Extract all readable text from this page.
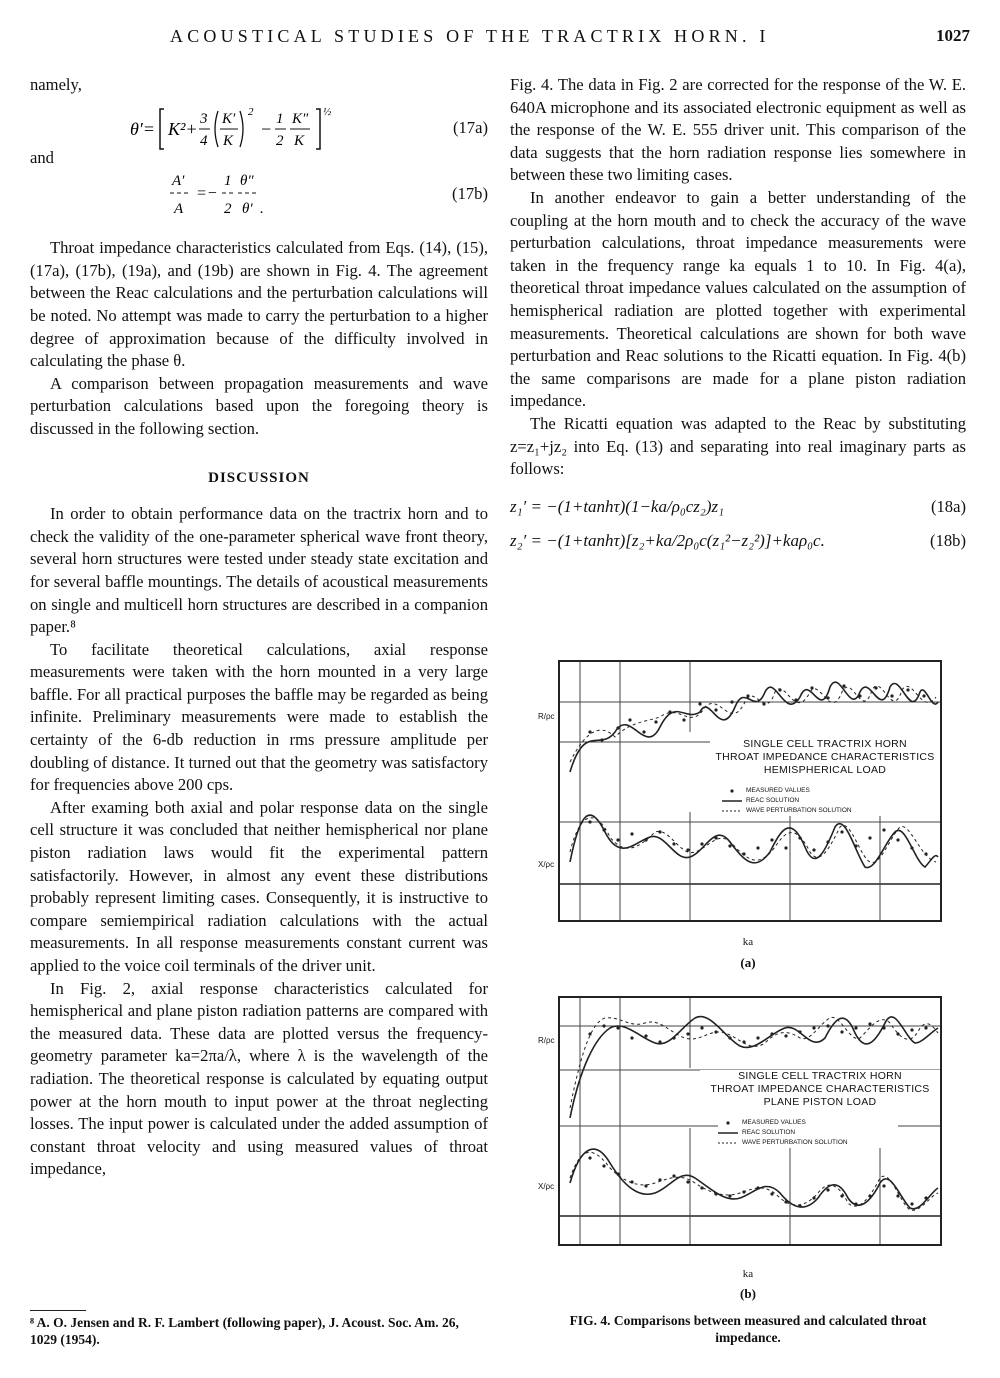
ACOUSTICAL STUDIES OF THE TRACTRIX HORN. I	1027

namely,

θ′= K²+ 3
4
K′
K
2
− 1
2
K″
K
½
(17a)

and

A′
A
=−
1
2
θ″
θ′ .
(17b)

Throat impedance characteristics calculated from Eqs. (14), (15), (17a), (17b), (19a), and (19b) are shown in Fig. 4. The agreement between the Reac calculations and the perturbation calculations will be noted. No attempt was made to carry the perturbation to a higher degree of approximation because of the difficulty involved in calculating the phase θ.

A comparison between propagation measurements and wave perturbation calculations based upon the foregoing theory is discussed in the following section.

DISCUSSION

In order to obtain performance data on the tractrix horn and to check the validity of the one-parameter spherical wave front theory, several horn structures were tested under steady state excitation and for several baffle mountings. The details of acoustical measurements on single and multicell horn structures are described in a companion paper.⁸

To facilitate theoretical calculations, axial response measurements were taken with the horn mounted in a very large baffle. For all practical purposes the baffle may be regarded as being infinite. Preliminary measurements were made to establish the certainty of the 6-db reduction in rms pressure amplitude per doubling of distance. It turned out that the geometry was satisfactory for frequencies above 200 cps.

After examing both axial and polar response data on the single cell structure it was concluded that neither hemispherical nor plane piston radiation laws would fit the experimental pattern satisfactorily. However, in almost any event these distributions probably represent limiting cases. Consequently, it is instructive to compare semiempirical radiation calculations with the actual measurements. In all response measurements constant current was applied to the voice coil terminals of the driver unit.

In Fig. 2, axial response characteristics calculated for hemispherical and plane piston radiation patterns are compared with the measured data. These data are plotted versus the frequency-geometry parameter ka=2πa/λ, where λ is the wavelength of the radiation. The theoretical response is calculated by equating output power at the horn mouth to input power at the throat neglecting losses. The input power is calculated under the added assumption of constant throat velocity and using measured values of throat impedance,

⁸ A. O. Jensen and R. F. Lambert (following paper), J. Acoust. Soc. Am. 26, 1029 (1954).

Fig. 4. The data in Fig. 2 are corrected for the response of the W. E. 640A microphone and its associated electronic equipment as well as the response of the W. E. 555 driver unit. This comparison of the data suggests that the horn radiation response lies somewhere in between these two limiting cases.

In another endeavor to gain a better understanding of the coupling at the horn mouth and to check the accuracy of the wave perturbation calculations, throat impedance measurements were taken in the frequency range ka equals 1 to 10. In Fig. 4(a), theoretical throat impedance values calculated on the assumption of hemispherical radiation are plotted together with experimental measurements. Theoretical calculations are shown for both wave perturbation and Reac solutions to the Ricatti equation. In Fig. 4(b) the same comparisons are made for a plane piston radiation impedance.

The Ricatti equation was adapted to the Reac by substituting z=z₁+jz₂ into Eq. (13) and separating into real imaginary parts as follows:

z₁′ = −(1+tanhτ)(1−ka/ρ₀cz₂)z₁	(18a)
z₂′ = −(1+tanhτ)[z₂+ka/2ρ₀c(z₁²−z₂²)]+kaρ₀c.	(18b)
SINGLE CELL TRACTRIX HORN
THROAT IMPEDANCE CHARACTERISTICS
HEMISPHERICAL LOAD
MEASURED VALUES
REAC SOLUTION
WAVE PERTURBATION SOLUTION
R/ρc
X/ρc
ka
(a)
SINGLE CELL TRACTRIX HORN
THROAT IMPEDANCE CHARACTERISTICS
PLANE PISTON LOAD
MEASURED VALUES
REAC SOLUTION
WAVE PERTURBATION SOLUTION
R/ρc
X/ρc
ka
(b)
FIG. 4. Comparisons between measured and calculated throat impedance.
